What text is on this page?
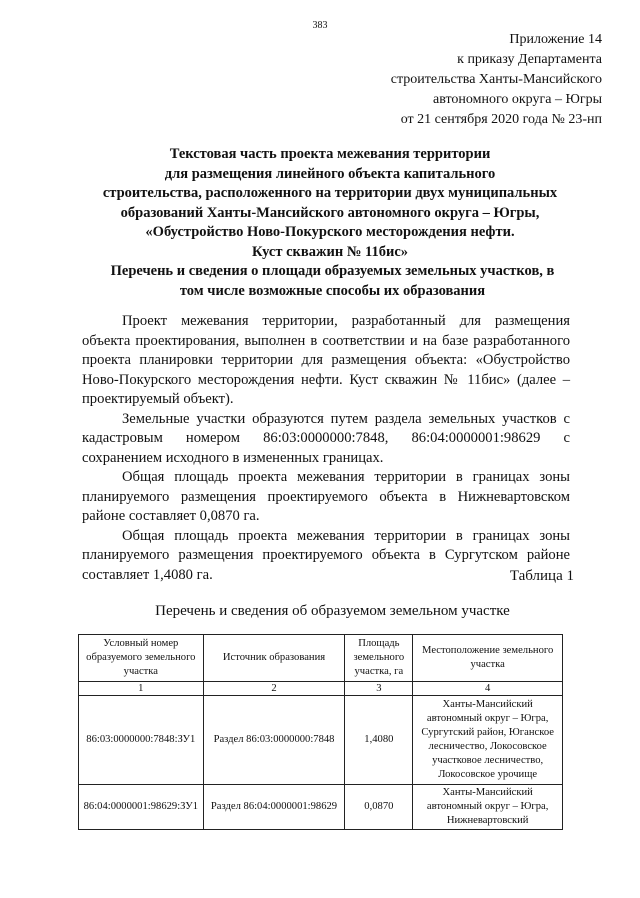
383
Приложение 14
к приказу Департамента
строительства Ханты-Мансийского
автономного округа – Югры
от 21 сентября 2020 года № 23-нп
Текстовая часть проекта межевания территории
для размещения линейного объекта капитального
строительства, расположенного на территории двух муниципальных
образований Ханты-Мансийского автономного округа – Югры,
«Обустройство Ново-Покурского месторождения нефти.
Куст скважин № 11бис»
Перечень и сведения о площади образуемых земельных участков, в
том числе возможные способы их образования

Проект межевания территории, разработанный для размещения объекта проектирования, выполнен в соответствии и на базе разработанного проекта планировки территории для размещения объекта: «Обустройство Ново-Покурского месторождения нефти. Куст скважин № 11бис» (далее – проектируемый объект).

Земельные участки образуются путем раздела земельных участков с кадастровым номером 86:03:0000000:7848, 86:04:0000001:98629 с сохранением исходного в измененных границах.

Общая площадь проекта межевания территории в границах зоны планируемого размещения проектируемого объекта в Нижневартовском районе составляет 0,0870 га.

Общая площадь проекта межевания территории в границах зоны планируемого размещения проектируемого объекта в Сургутском районе составляет 1,4080 га.	Таблица 1
Перечень и сведения об образуемом земельном участке
Условный номер образуемого земельного участка	Источник образования	Площадь земельного участка, га	Местоположение земельного участка
1	2	3	4
86:03:0000000:7848:ЗУ1	Раздел 86:03:0000000:7848	1,4080	Ханты-Мансийский автономный округ – Югра, Сургутский район, Юганское лесничество, Локосовское участковое лесничество, Локосовское урочище
86:04:0000001:98629:ЗУ1	Раздел 86:04:0000001:98629	0,0870	Ханты-Мансийский автономный округ – Югра, Нижневартовский
